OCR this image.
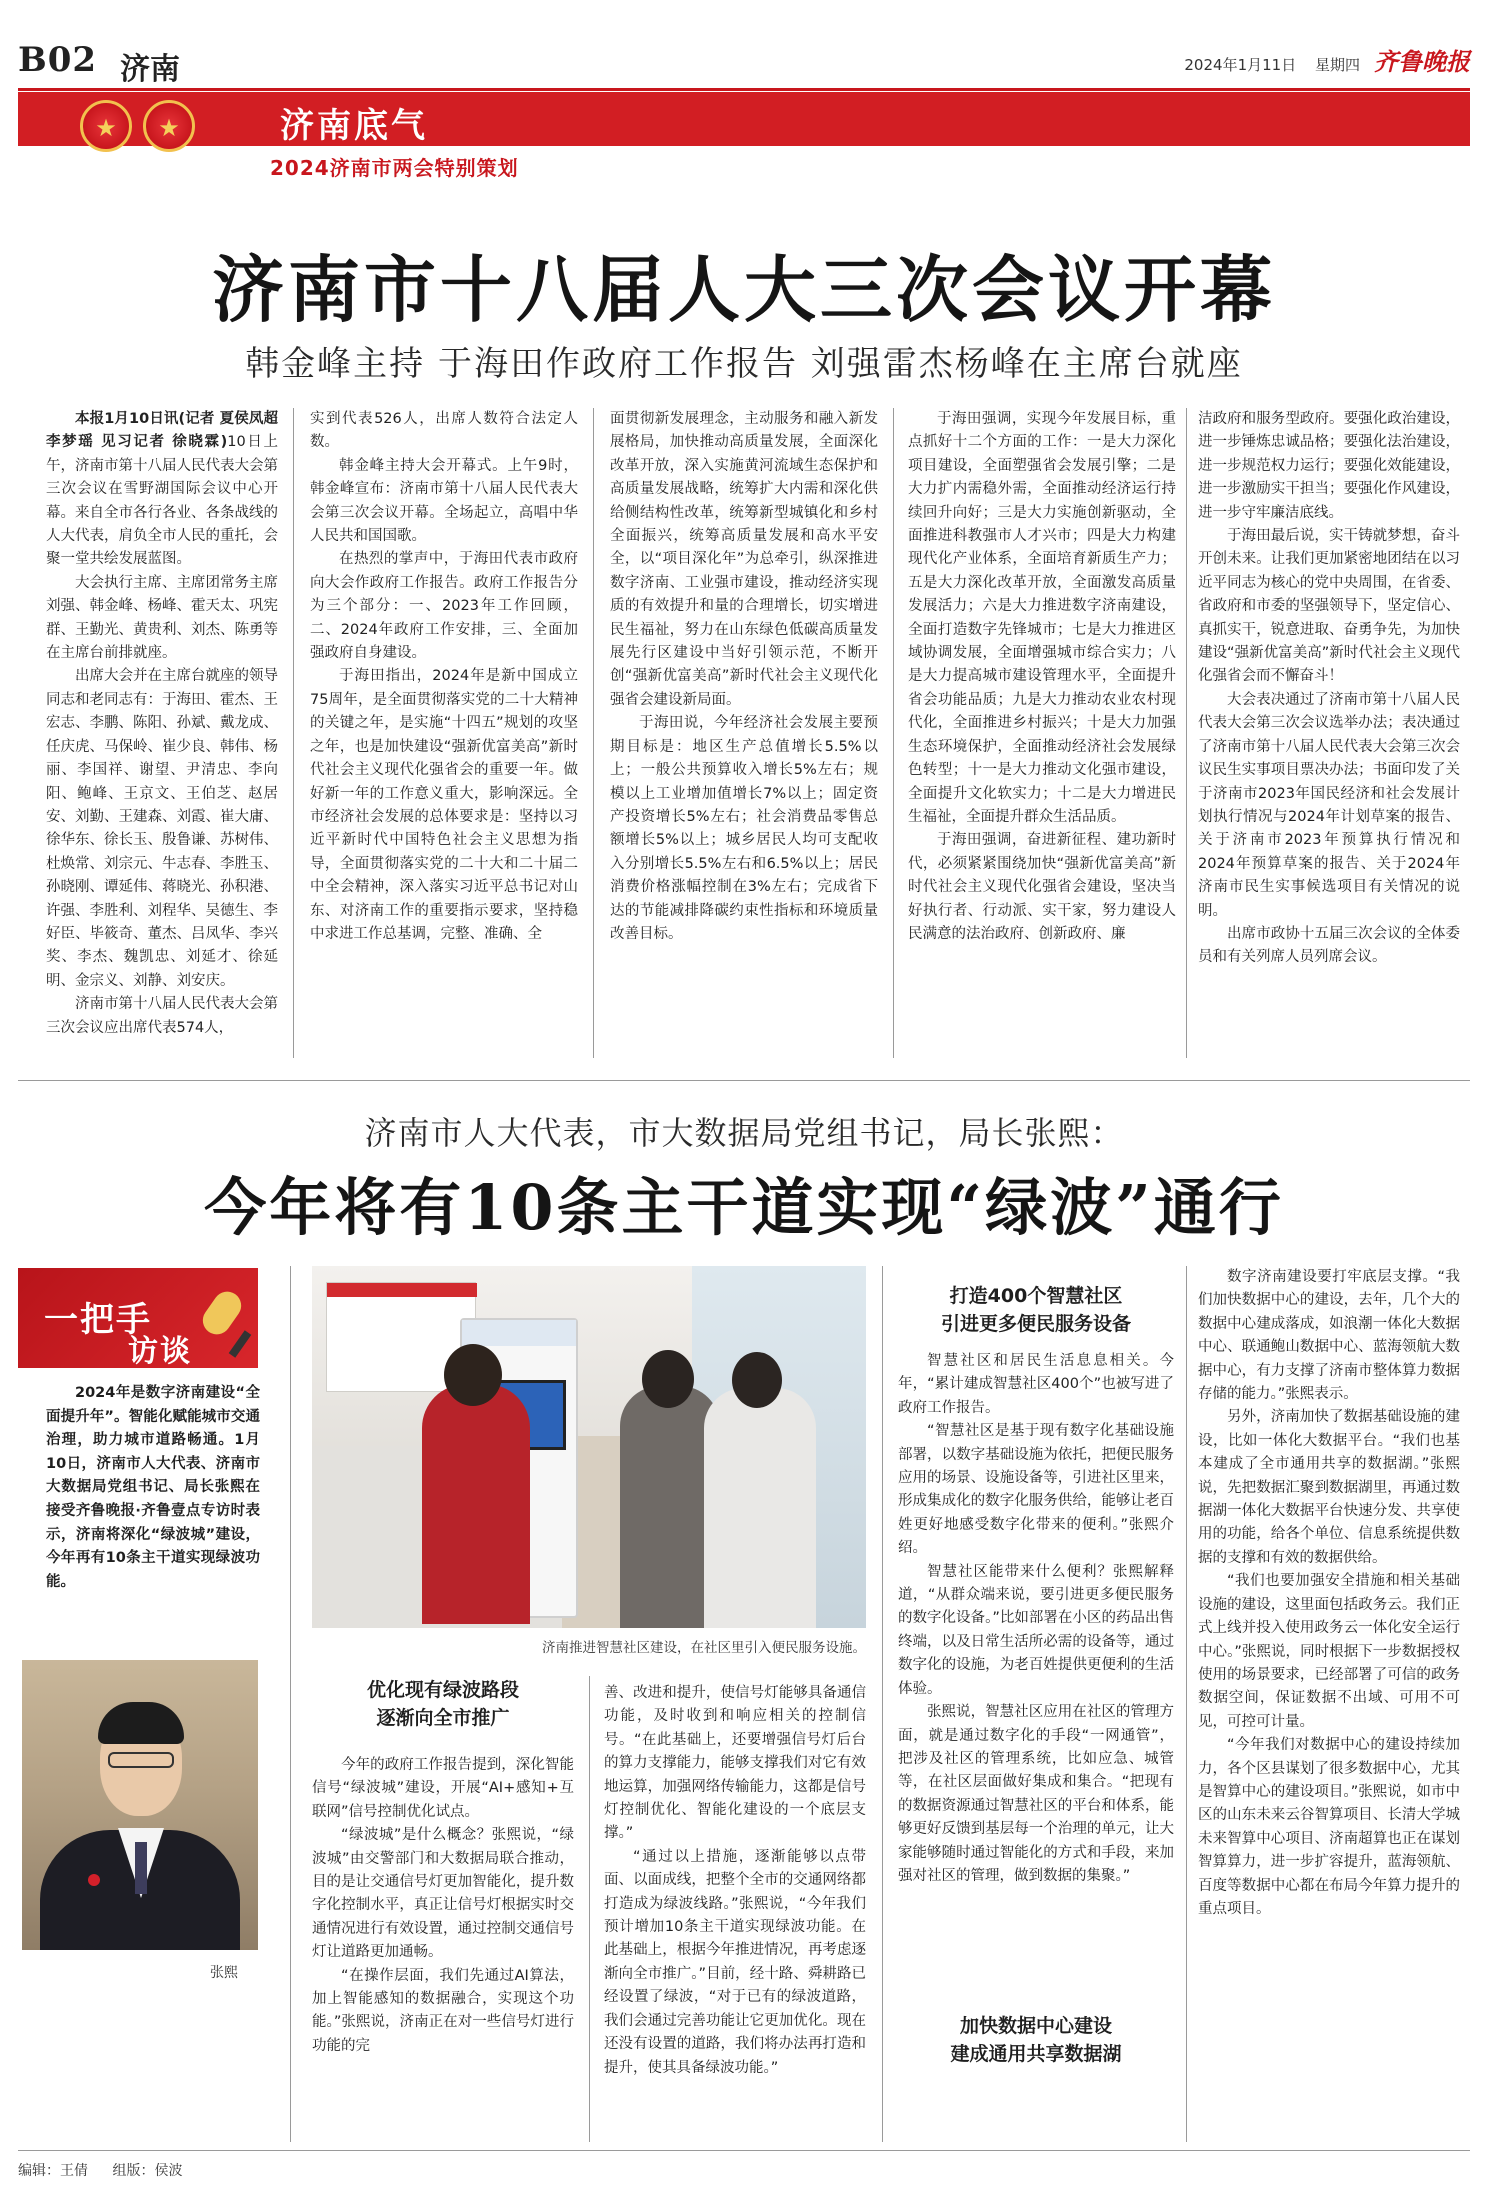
B02 济南	2024年1月11日 星期四 齐鲁晚报
★	★	济南底气
2024济南市两会特别策划
济南市十八届人大三次会议开幕
韩金峰主持 于海田作政府工作报告 刘强雷杰杨峰在主席台就座

本报1月10日讯(记者 夏侯凤超 李梦瑶 见习记者 徐晓霖)10日上午，济南市第十八届人民代表大会第三次会议在雪野湖国际会议中心开幕。来自全市各行各业、各条战线的人大代表，肩负全市人民的重托，会聚一堂共绘发展蓝图。

大会执行主席、主席团常务主席刘强、韩金峰、杨峰、霍天太、巩宪群、王勤光、黄贵利、刘杰、陈勇等在主席台前排就座。

出席大会并在主席台就座的领导同志和老同志有：于海田、霍杰、王宏志、李鹏、陈阳、孙斌、戴龙成、任庆虎、马保岭、崔少良、韩伟、杨丽、李国祥、谢望、尹清忠、李向阳、鲍峰、王京文、王伯芝、赵居安、刘勤、王建森、刘霞、崔大庸、徐华东、徐长玉、殷鲁谦、苏树伟、杜焕常、刘宗元、牛志春、李胜玉、孙晓刚、谭延伟、蒋晓光、孙积港、许强、李胜利、刘程华、吴德生、李好臣、毕筱奇、董杰、吕凤华、李兴奖、李杰、魏凯忠、刘延才、徐延明、金宗义、刘静、刘安庆。

济南市第十八届人民代表大会第三次会议应出席代表574人，

实到代表526人，出席人数符合法定人数。

韩金峰主持大会开幕式。上午9时，韩金峰宣布：济南市第十八届人民代表大会第三次会议开幕。全场起立，高唱中华人民共和国国歌。

在热烈的掌声中，于海田代表市政府向大会作政府工作报告。政府工作报告分为三个部分：一、2023年工作回顾，二、2024年政府工作安排，三、全面加强政府自身建设。

于海田指出，2024年是新中国成立75周年，是全面贯彻落实党的二十大精神的关键之年，是实施“十四五”规划的攻坚之年，也是加快建设“强新优富美高”新时代社会主义现代化强省会的重要一年。做好新一年的工作意义重大，影响深远。全市经济社会发展的总体要求是：坚持以习近平新时代中国特色社会主义思想为指导，全面贯彻落实党的二十大和二十届二中全会精神，深入落实习近平总书记对山东、对济南工作的重要指示要求，坚持稳中求进工作总基调，完整、准确、全

面贯彻新发展理念，主动服务和融入新发展格局，加快推动高质量发展，全面深化改革开放，深入实施黄河流域生态保护和高质量发展战略，统筹扩大内需和深化供给侧结构性改革，统筹新型城镇化和乡村全面振兴，统筹高质量发展和高水平安全，以“项目深化年”为总牵引，纵深推进数字济南、工业强市建设，推动经济实现质的有效提升和量的合理增长，切实增进民生福祉，努力在山东绿色低碳高质量发展先行区建设中当好引领示范，不断开创“强新优富美高”新时代社会主义现代化强省会建设新局面。

于海田说，今年经济社会发展主要预期目标是：地区生产总值增长5.5%以上；一般公共预算收入增长5%左右；规模以上工业增加值增长7%以上；固定资产投资增长5%左右；社会消费品零售总额增长5%以上；城乡居民人均可支配收入分别增长5.5%左右和6.5%以上；居民消费价格涨幅控制在3%左右；完成省下达的节能减排降碳约束性指标和环境质量改善目标。

于海田强调，实现今年发展目标，重点抓好十二个方面的工作：一是大力深化项目建设，全面塑强省会发展引擎；二是大力扩内需稳外需，全面推动经济运行持续回升向好；三是大力实施创新驱动，全面推进科教强市人才兴市；四是大力构建现代化产业体系，全面培育新质生产力；五是大力深化改革开放，全面激发高质量发展活力；六是大力推进数字济南建设，全面打造数字先锋城市；七是大力推进区域协调发展，全面增强城市综合实力；八是大力提高城市建设管理水平，全面提升省会功能品质；九是大力推动农业农村现代化，全面推进乡村振兴；十是大力加强生态环境保护，全面推动经济社会发展绿色转型；十一是大力推动文化强市建设，全面提升文化软实力；十二是大力增进民生福祉，全面提升群众生活品质。

于海田强调，奋进新征程、建功新时代，必须紧紧围绕加快“强新优富美高”新时代社会主义现代化强省会建设，坚决当好执行者、行动派、实干家，努力建设人民满意的法治政府、创新政府、廉

洁政府和服务型政府。要强化政治建设，进一步锤炼忠诚品格；要强化法治建设，进一步规范权力运行；要强化效能建设，进一步激励实干担当；要强化作风建设，进一步守牢廉洁底线。

于海田最后说，实干铸就梦想，奋斗开创未来。让我们更加紧密地团结在以习近平同志为核心的党中央周围，在省委、省政府和市委的坚强领导下，坚定信心、真抓实干，锐意进取、奋勇争先，为加快建设“强新优富美高”新时代社会主义现代化强省会而不懈奋斗！

大会表决通过了济南市第十八届人民代表大会第三次会议选举办法；表决通过了济南市第十八届人民代表大会第三次会议民生实事项目票决办法；书面印发了关于济南市2023年国民经济和社会发展计划执行情况与2024年计划草案的报告、关于济南市2023年预算执行情况和2024年预算草案的报告、关于2024年济南市民生实事候选项目有关情况的说明。

出席市政协十五届三次会议的全体委员和有关列席人员列席会议。

济南市人大代表，市大数据局党组书记，局长张熙：
今年将有10条主干道实现“绿波”通行
一把手
访谈
2024年是数字济南建设“全面提升年”。智能化赋能城市交通治理，助力城市道路畅通。1月10日，济南市人大代表、济南市大数据局党组书记、局长张熙在接受齐鲁晚报·齐鲁壹点专访时表示，济南将深化“绿波城”建设，今年再有10条主干道实现绿波功能。
张熙
济南推进智慧社区建设，在社区里引入便民服务设施。
优化现有绿波路段
逐渐向全市推广

今年的政府工作报告提到，深化智能信号“绿波城”建设，开展“AI+感知+互联网”信号控制优化试点。

“绿波城”是什么概念？张熙说，“绿波城”由交警部门和大数据局联合推动，目的是让交通信号灯更加智能化，提升数字化控制水平，真正让信号灯根据实时交通情况进行有效设置，通过控制交通信号灯让道路更加通畅。

“在操作层面，我们先通过AI算法，加上智能感知的数据融合，实现这个功能。”张熙说，济南正在对一些信号灯进行功能的完

善、改进和提升，使信号灯能够具备通信功能，及时收到和响应相关的控制信号。“在此基础上，还要增强信号灯后台的算力支撑能力，能够支撑我们对它有效地运算，加强网络传输能力，这都是信号灯控制优化、智能化建设的一个底层支撑。”

“通过以上措施，逐渐能够以点带面、以面成线，把整个全市的交通网络都打造成为绿波线路。”张熙说，“今年我们预计增加10条主干道实现绿波功能。在此基础上，根据今年推进情况，再考虑逐渐向全市推广。”目前，经十路、舜耕路已经设置了绿波，“对于已有的绿波道路，我们会通过完善功能让它更加优化。现在还没有设置的道路，我们将办法再打造和提升，使其具备绿波功能。”

打造400个智慧社区
引进更多便民服务设备

智慧社区和居民生活息息相关。今年，“累计建成智慧社区400个”也被写进了政府工作报告。

“智慧社区是基于现有数字化基础设施部署，以数字基础设施为依托，把便民服务应用的场景、设施设备等，引进社区里来，形成集成化的数字化服务供给，能够让老百姓更好地感受数字化带来的便利。”张熙介绍。

智慧社区能带来什么便利？张熙解释道，“从群众端来说，要引进更多便民服务的数字化设备。”比如部署在小区的药品出售终端，以及日常生活所必需的设备等，通过数字化的设施，为老百姓提供更便利的生活体验。

张熙说，智慧社区应用在社区的管理方面，就是通过数字化的手段“一网通管”，把涉及社区的管理系统，比如应急、城管等，在社区层面做好集成和集合。“把现有的数据资源通过智慧社区的平台和体系，能够更好反馈到基层每一个治理的单元，让大家能够随时通过智能化的方式和手段，来加强对社区的管理，做到数据的集聚。”

加快数据中心建设
建成通用共享数据湖

数字济南建设要打牢底层支撑。“我们加快数据中心的建设，去年，几个大的数据中心建成落成，如浪潮一体化大数据中心、联通鲍山数据中心、蓝海领航大数据中心，有力支撑了济南市整体算力数据存储的能力。”张熙表示。

另外，济南加快了数据基础设施的建设，比如一体化大数据平台。“我们也基本建成了全市通用共享的数据湖。”张熙说，先把数据汇聚到数据湖里，再通过数据湖一体化大数据平台快速分发、共享使用的功能，给各个单位、信息系统提供数据的支撑和有效的数据供给。

“我们也要加强安全措施和相关基础设施的建设，这里面包括政务云。我们正式上线并投入使用政务云一体化安全运行中心。”张熙说，同时根据下一步数据授权使用的场景要求，已经部署了可信的政务数据空间，保证数据不出域、可用不可见，可控可计量。

“今年我们对数据中心的建设持续加力，各个区县谋划了很多数据中心，尤其是智算中心的建设项目。”张熙说，如市中区的山东未来云谷智算项目、长清大学城未来智算中心项目、济南超算也正在谋划智算算力，进一步扩容提升，蓝海领航、百度等数据中心都在布局今年算力提升的重点项目。

编辑：王倩 组版：侯波
